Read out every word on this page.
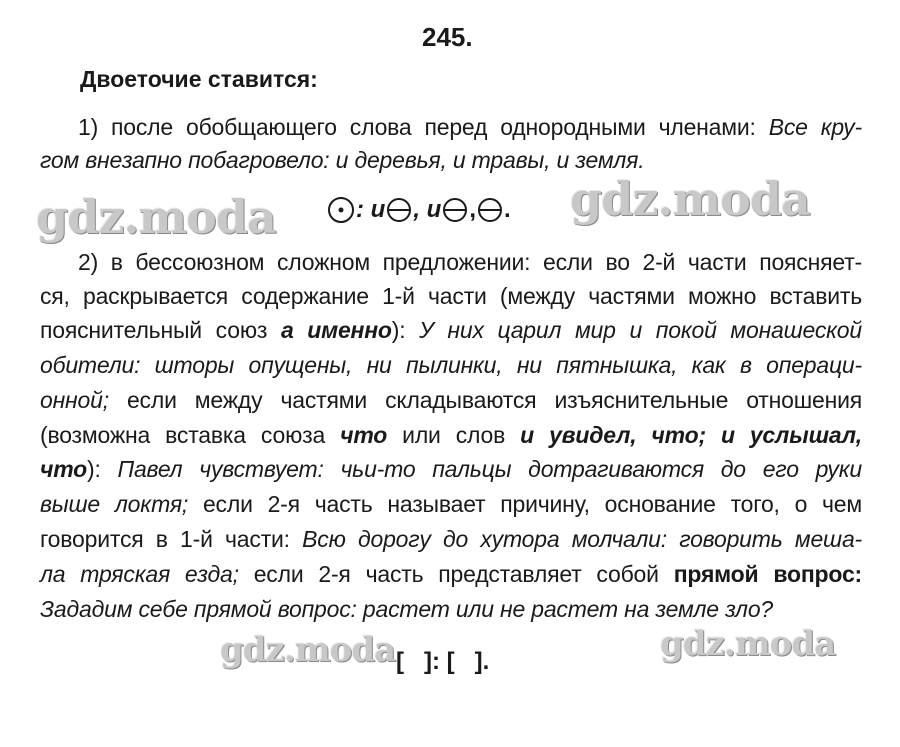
245.
Двоеточие ставится:
1) после обобщающего слова перед однородными членами: Все кру-
гом внезапно побагровело: и деревья, и травы, и земля.
gdz.moda	gdz.moda
: и , и , .
2) в бессоюзном сложном предложении: если во 2-й части поясняет-
ся, раскрывается содержание 1-й части (между частями можно вставить
пояснительный союз а именно): У них царил мир и покой монашеской
обители: шторы опущены, ни пылинки, ни пятнышка, как в операци-
онной; если между частями складываются изъяснительные отношения
(возможна вставка союза что или слов и увидел, что; и услышал,
что): Павел чувствует: чьи-то пальцы дотрагиваются до его руки
выше локтя; если 2-я часть называет причину, основание того, о чем
говорится в 1-й части: Всю дорогу до хутора молчали: говорить меша-
ла тряская езда; если 2-я часть представляет собой прямой вопрос:
Зададим себе прямой вопрос: растет или не растет на земле зло?
gdz.moda	gdz.moda
[   ]: [   ].
